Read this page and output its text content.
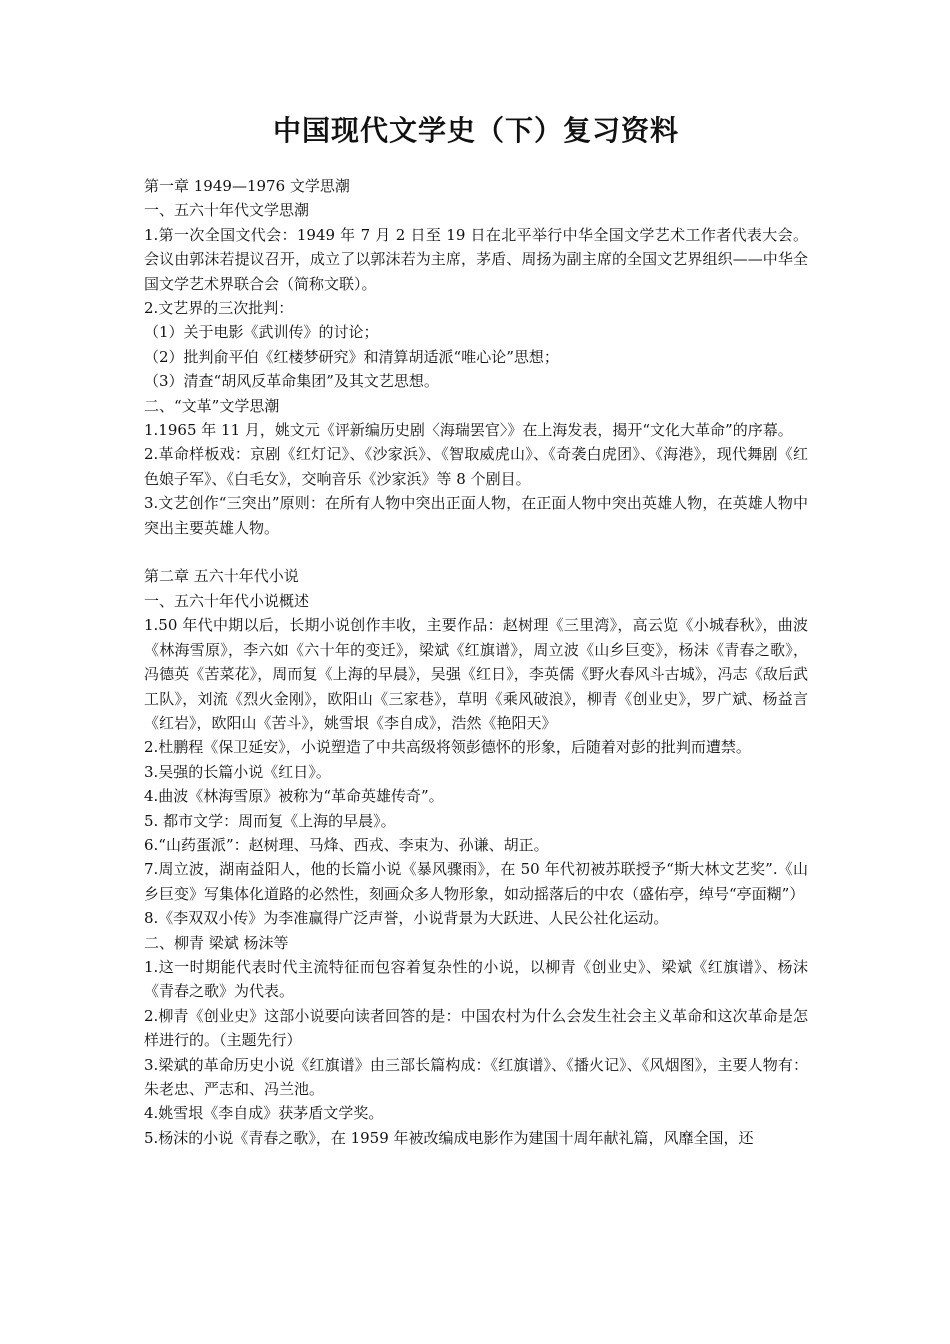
中国现代文学史（下）复习资料

第一章 1949—1976 文学思潮

一、五六十年代文学思潮

1.第一次全国文代会：1949 年 7 月 2 日至 19 日在北平举行中华全国文学艺术工作者代表大会。会议由郭沫若提议召开，成立了以郭沫若为主席，茅盾、周扬为副主席的全国文艺界组织——中华全国文学艺术界联合会（简称文联）。

2.文艺界的三次批判：

（1）关于电影《武训传》的讨论；

（2）批判俞平伯《红楼梦研究》和清算胡适派“唯心论”思想；

（3）清查“胡风反革命集团”及其文艺思想。

二、“文革”文学思潮

1.1965 年 11 月，姚文元《评新编历史剧〈海瑞罢官〉》在上海发表，揭开“文化大革命”的序幕。

2.革命样板戏：京剧《红灯记》、《沙家浜》、《智取威虎山》、《奇袭白虎团》、《海港》，现代舞剧《红色娘子军》、《白毛女》，交响音乐《沙家浜》等 8 个剧目。

3.文艺创作“三突出”原则：在所有人物中突出正面人物，在正面人物中突出英雄人物，在英雄人物中突出主要英雄人物。

第二章 五六十年代小说

一、五六十年代小说概述

1.50 年代中期以后，长期小说创作丰收，主要作品：赵树理《三里湾》，高云览《小城春秋》，曲波《林海雪原》，李六如《六十年的变迁》，梁斌《红旗谱》，周立波《山乡巨变》，杨沫《青春之歌》，冯德英《苦菜花》，周而复《上海的早晨》，吴强《红日》，李英儒《野火春风斗古城》，冯志《敌后武工队》，刘流《烈火金刚》，欧阳山《三家巷》，草明《乘风破浪》，柳青《创业史》，罗广斌、杨益言《红岩》，欧阳山《苦斗》，姚雪垠《李自成》，浩然《艳阳天》

2.杜鹏程《保卫延安》，小说塑造了中共高级将领彭德怀的形象，后随着对彭的批判而遭禁。

3.吴强的长篇小说《红日》。

4.曲波《林海雪原》被称为“革命英雄传奇”。

5. 都市文学：周而复《上海的早晨》。

6.“山药蛋派”：赵树理、马烽、西戎、李束为、孙谦、胡正。

7.周立波，湖南益阳人，他的长篇小说《暴风骤雨》，在 50 年代初被苏联授予“斯大林文艺奖”.《山乡巨变》写集体化道路的必然性，刻画众多人物形象，如动摇落后的中农（盛佑亭，绰号“亭面糊”）

8.《李双双小传》为李准赢得广泛声誉，小说背景为大跃进、人民公社化运动。

二、柳青 梁斌 杨沫等

1.这一时期能代表时代主流特征而包容着复杂性的小说，以柳青《创业史》、梁斌《红旗谱》、杨沫《青春之歌》为代表。

2.柳青《创业史》这部小说要向读者回答的是：中国农村为什么会发生社会主义革命和这次革命是怎样进行的。（主题先行）

3.梁斌的革命历史小说《红旗谱》由三部长篇构成：《红旗谱》、《播火记》、《风烟图》，主要人物有：朱老忠、严志和、冯兰池。

4.姚雪垠《李自成》获茅盾文学奖。

5.杨沫的小说《青春之歌》，在 1959 年被改编成电影作为建国十周年献礼篇，风靡全国，还
